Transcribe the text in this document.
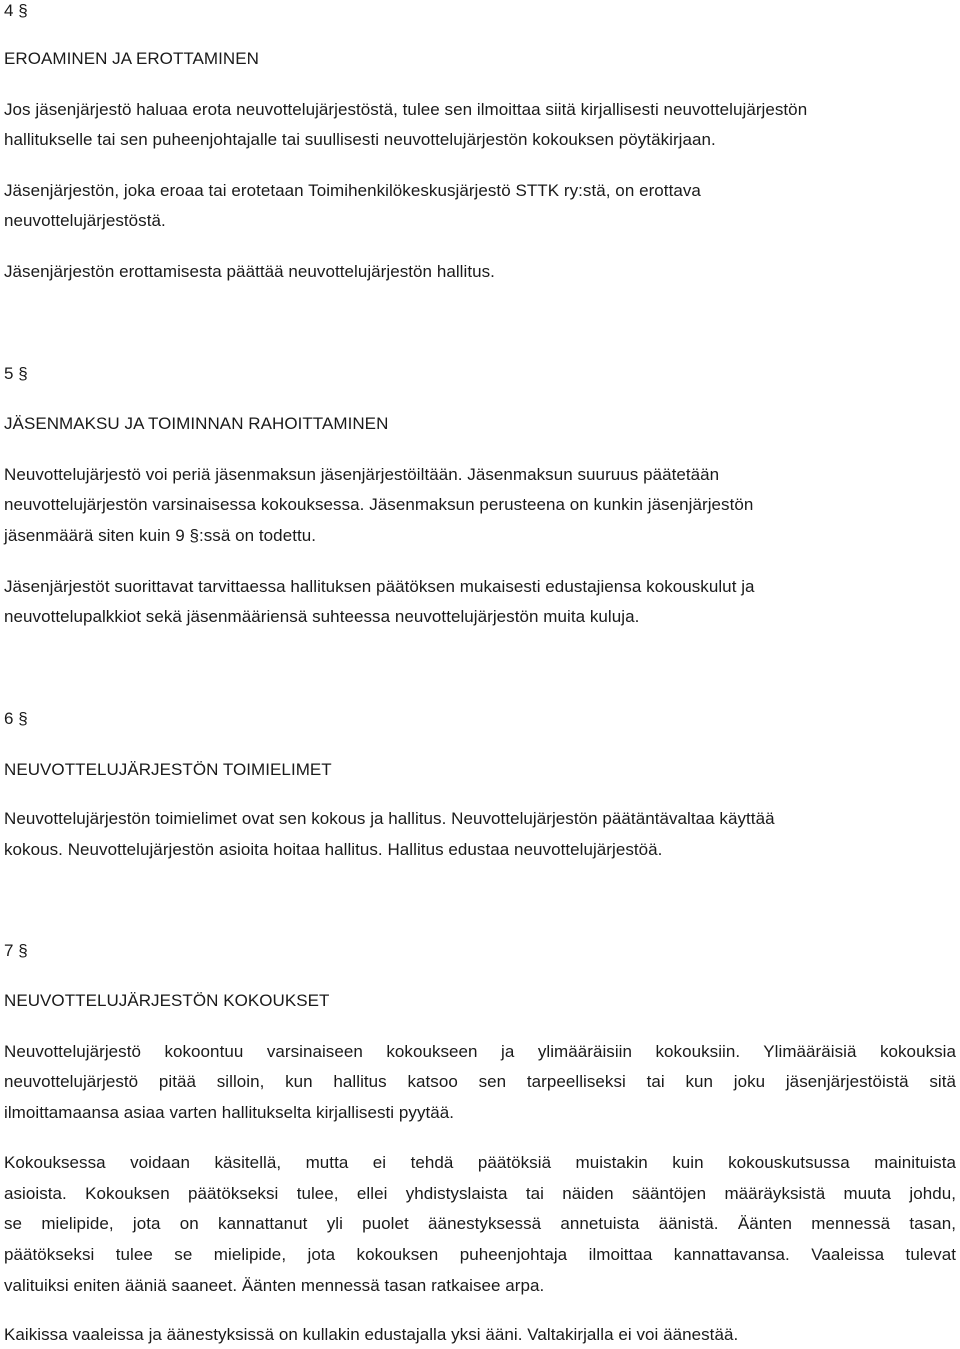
4 §
EROAMINEN JA EROTTAMINEN
Jos jäsenjärjestö haluaa erota neuvottelujärjestöstä, tulee sen ilmoittaa siitä kirjallisesti neuvottelujärjestön
hallitukselle tai sen puheenjohtajalle tai suullisesti neuvottelujärjestön kokouksen pöytäkirjaan.
Jäsenjärjestön, joka eroaa tai erotetaan Toimihenkilökeskusjärjestö STTK ry:stä, on erottava
neuvottelujärjestöstä.
Jäsenjärjestön erottamisesta päättää neuvottelujärjestön hallitus.
5 §
JÄSENMAKSU JA TOIMINNAN RAHOITTAMINEN
Neuvottelujärjestö voi periä jäsenmaksun jäsenjärjestöiltään. Jäsenmaksun suuruus päätetään
neuvottelujärjestön varsinaisessa kokouksessa. Jäsenmaksun perusteena on kunkin jäsenjärjestön
jäsenmäärä siten kuin 9 §:ssä on todettu.
Jäsenjärjestöt suorittavat tarvittaessa hallituksen päätöksen mukaisesti edustajiensa kokouskulut ja
neuvottelupalkkiot sekä jäsenmääriensä suhteessa neuvottelujärjestön muita kuluja.
6 §
NEUVOTTELUJÄRJESTÖN TOIMIELIMET
Neuvottelujärjestön toimielimet ovat sen kokous ja hallitus. Neuvottelujärjestön päätäntävaltaa käyttää
kokous. Neuvottelujärjestön asioita hoitaa hallitus. Hallitus edustaa neuvottelujärjestöä.
7 §
NEUVOTTELUJÄRJESTÖN KOKOUKSET
Neuvottelujärjestö kokoontuu varsinaiseen kokoukseen ja ylimääräisiin kokouksiin. Ylimääräisiä kokouksia
neuvottelujärjestö pitää silloin, kun hallitus katsoo sen tarpeelliseksi tai kun joku jäsenjärjestöistä sitä
ilmoittamaansa asiaa varten hallitukselta kirjallisesti pyytää.
Kokouksessa voidaan käsitellä, mutta ei tehdä päätöksiä muistakin kuin kokouskutsussa mainituista
asioista. Kokouksen päätökseksi tulee, ellei yhdistyslaista tai näiden sääntöjen määräyksistä muuta johdu,
se mielipide, jota on kannattanut yli puolet äänestyksessä annetuista äänistä. Äänten mennessä tasan,
päätökseksi tulee se mielipide, jota kokouksen puheenjohtaja ilmoittaa kannattavansa. Vaaleissa tulevat
valituiksi eniten ääniä saaneet. Äänten mennessä tasan ratkaisee arpa.
Kaikissa vaaleissa ja äänestyksissä on kullakin edustajalla yksi ääni. Valtakirjalla ei voi äänestää.
